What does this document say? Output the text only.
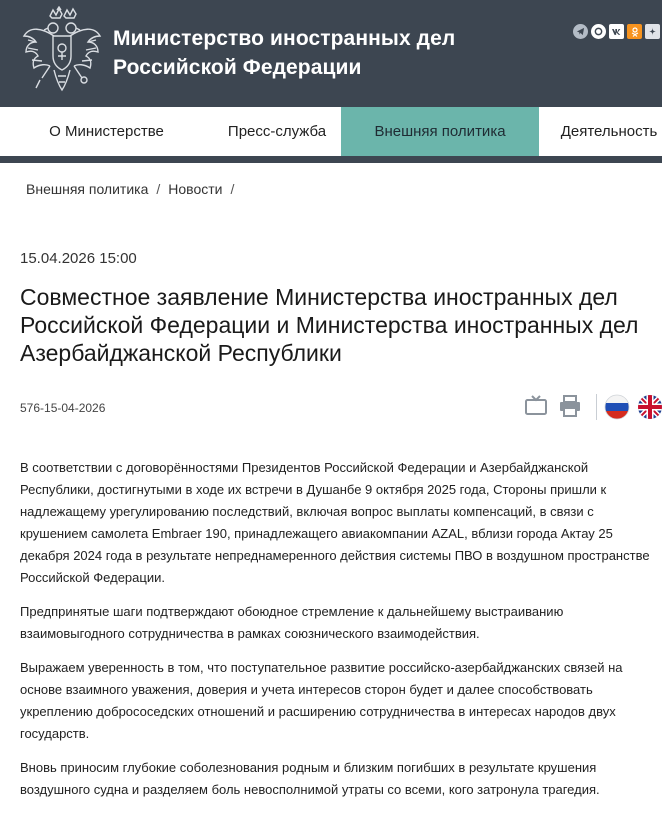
Министерство иностранных дел
Российской Федерации
О Министерстве	Пресс-служба	Внешняя политика	Деятельность
Внешняя политика / Новости /
15.04.2026 15:00
Совместное заявление Министерства иностранных дел Российской Федерации и Министерства иностранных дел Азербайджанской Республики
576-15-04-2026

В соответствии с договорённостями Президентов Российской Федерации и Азербайджанской Республики, достигнутыми в ходе их встречи в Душанбе 9 октября 2025 года, Стороны пришли к надлежащему урегулированию последствий, включая вопрос выплаты компенсаций, в связи с крушением самолета Embraer 190, принадлежащего авиакомпании AZAL, вблизи города Актау 25 декабря 2024 года в результате непреднамеренного действия системы ПВО в воздушном пространстве Российской Федерации.

Предпринятые шаги подтверждают обоюдное стремление к дальнейшему выстраиванию взаимовыгодного сотрудничества в рамках союзнического взаимодействия.

Выражаем уверенность в том, что поступательное развитие российско-азербайджанских связей на основе взаимного уважения, доверия и учета интересов сторон будет и далее способствовать укреплению добрососедских отношений и расширению сотрудничества в интересах народов двух государств.

Вновь приносим глубокие соболезнования родным и близким погибших в результате крушения воздушного судна и разделяем боль невосполнимой утраты со всеми, кого затронула трагедия.
